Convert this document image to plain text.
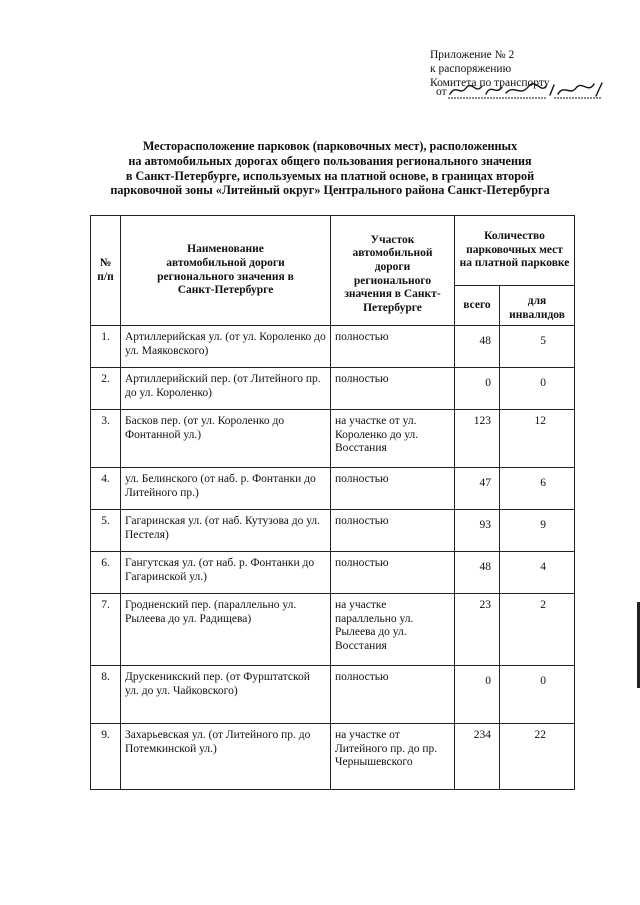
Приложение № 2
к распоряжению
Комитета по транспорту
от
Месторасположение парковок (парковочных мест), расположенных
на автомобильных дорогах общего пользования регионального значения
в Санкт-Петербурге, используемых на платной основе, в границах второй
парковочной зоны «Литейный округ» Центрального района Санкт-Петербурга
№ п/п	Наименование автомобильной дороги регионального значения в Санкт-Петербурге	Участок автомобильной дороги регионального значения в Санкт-Петербурге	Количество парковочных мест на платной парковке	
			всего	для инвалидов
1.	Артиллерийская ул. (от ул. Короленко до ул. Маяковского)	полностью	48	5
2.	Артиллерийский пер. (от Литейного пр. до ул. Короленко)	полностью	0	0
3.	Басков пер. (от ул. Короленко до Фонтанной ул.)	на участке от ул. Короленко до ул. Восстания	123	12
4.	ул. Белинского (от наб. р. Фонтанки до Литейного пр.)	полностью	47	6
5.	Гагаринская ул. (от наб. Кутузова до ул. Пестеля)	полностью	93	9
6.	Гангутская ул. (от наб. р. Фонтанки до Гагаринской ул.)	полностью	48	4
7.	Гродненский пер. (параллельно ул. Рылеева до ул. Радищева)	на участке параллельно ул. Рылеева до ул. Восстания	23	2
8.	Друскеникский пер. (от Фурштатской ул. до ул. Чайковского)	полностью	0	0
9.	Захарьевская ул. (от Литейного пр. до Потемкинской ул.)	на участке от Литейного пр. до пр. Чернышевского	234	22
